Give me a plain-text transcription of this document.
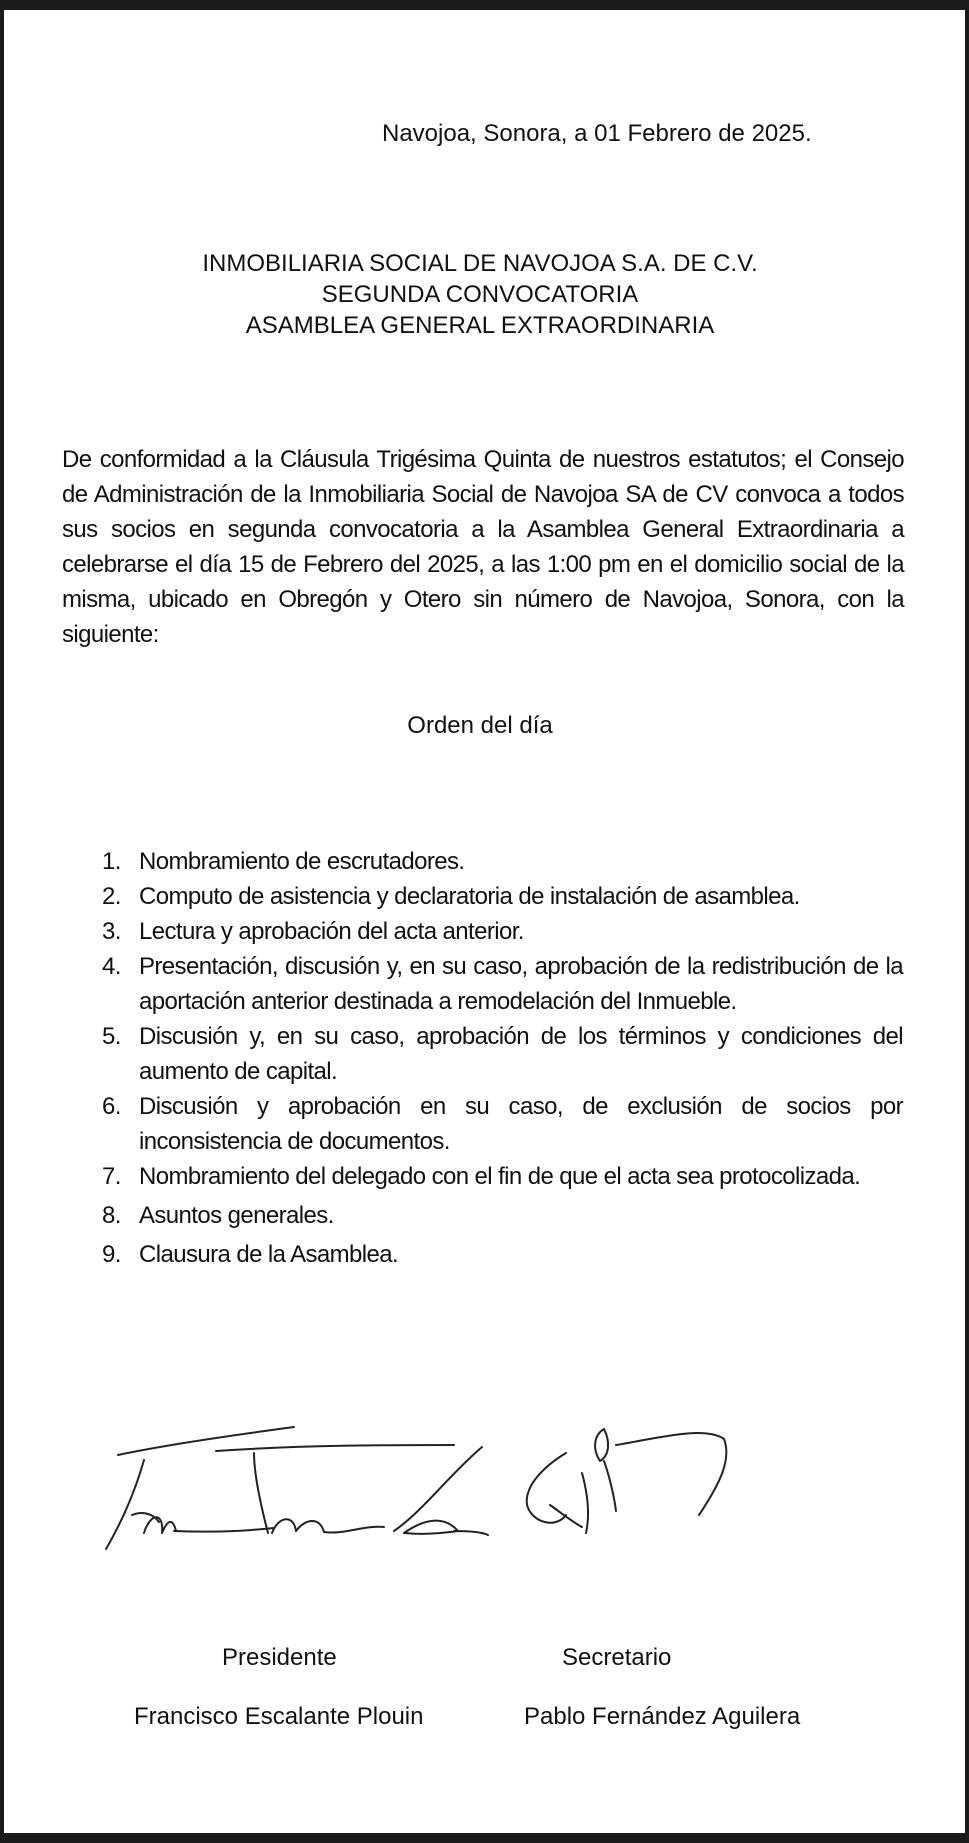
Navojoa, Sonora, a 01 Febrero de 2025.
INMOBILIARIA SOCIAL DE NAVOJOA S.A. DE C.V.
SEGUNDA CONVOCATORIA
ASAMBLEA GENERAL EXTRAORDINARIA
De conformidad a la Cláusula Trigésima Quinta de nuestros estatutos; el Consejo de Administración de la Inmobiliaria Social de Navojoa SA de CV convoca a todos sus socios en segunda convocatoria a la Asamblea General Extraordinaria a celebrarse el día 15 de Febrero del 2025, a las 1:00 pm en el domicilio social de la misma, ubicado en Obregón y Otero sin número de Navojoa, Sonora, con la siguiente:
Orden del día
1. Nombramiento de escrutadores.
2. Computo de asistencia y declaratoria de instalación de asamblea.
3. Lectura y aprobación del acta anterior.
4. Presentación, discusión y, en su caso, aprobación de la redistribución de la aportación anterior destinada a remodelación del Inmueble.
5. Discusión y, en su caso, aprobación de los términos y condiciones del aumento de capital.
6. Discusión y aprobación en su caso, de exclusión de socios por inconsistencia de documentos.
7. Nombramiento del delegado con el fin de que el acta sea protocolizada.
8. Asuntos generales.
9. Clausura de la Asamblea.
Presidente	Secretario
Francisco Escalante Plouin	Pablo Fernández Aguilera
